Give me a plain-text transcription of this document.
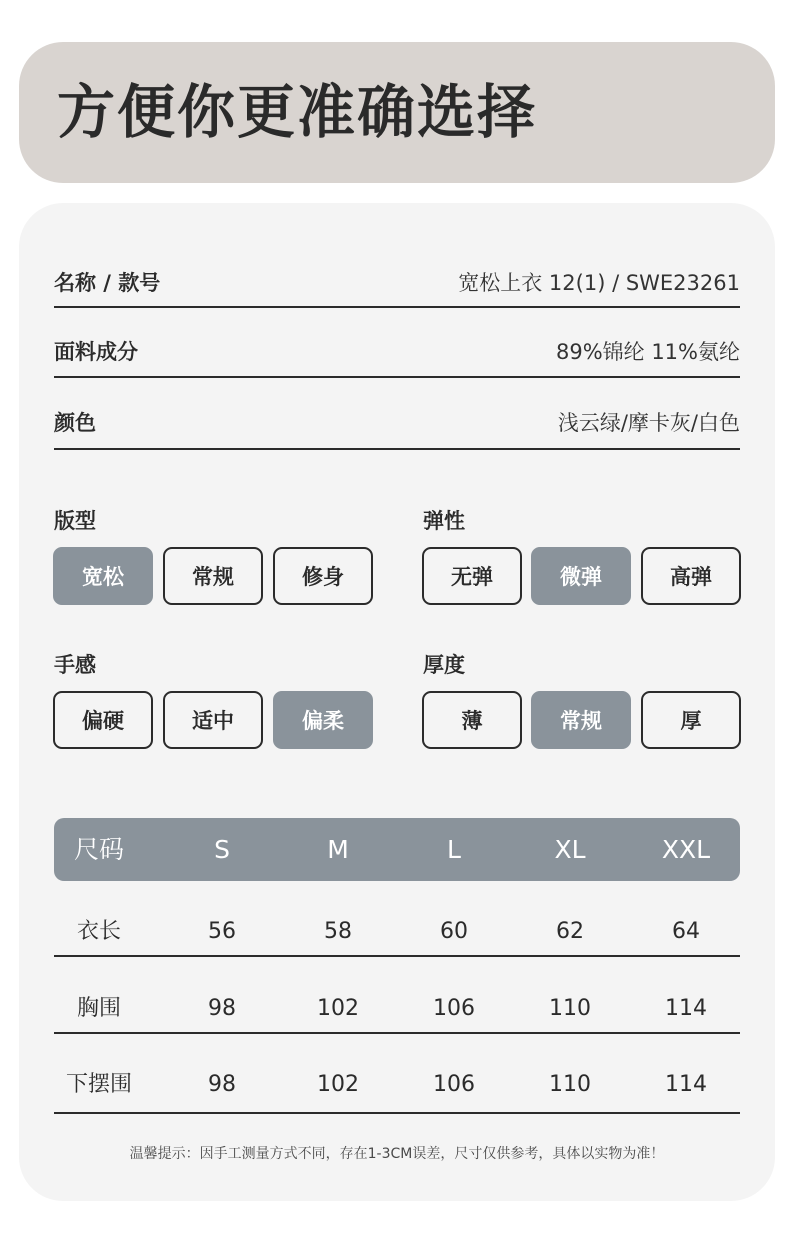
方便你更准确选择
名称 / 款号	宽松上衣 12(1) / SWE23261
面料成分	89%锦纶 11%氨纶
颜色	浅云绿/摩卡灰/白色
版型
宽松	常规	修身
弹性
无弹	微弹	高弹
手感
偏硬	适中	偏柔
厚度
薄	常规	厚
尺码	S	M	L	XL	XXL
衣长	56	58	60	62	64
胸围	98	102	106	110	114
下摆围	98	102	106	110	114
温馨提示：因手工测量方式不同，存在1-3CM误差，尺寸仅供参考，具体以实物为准！
